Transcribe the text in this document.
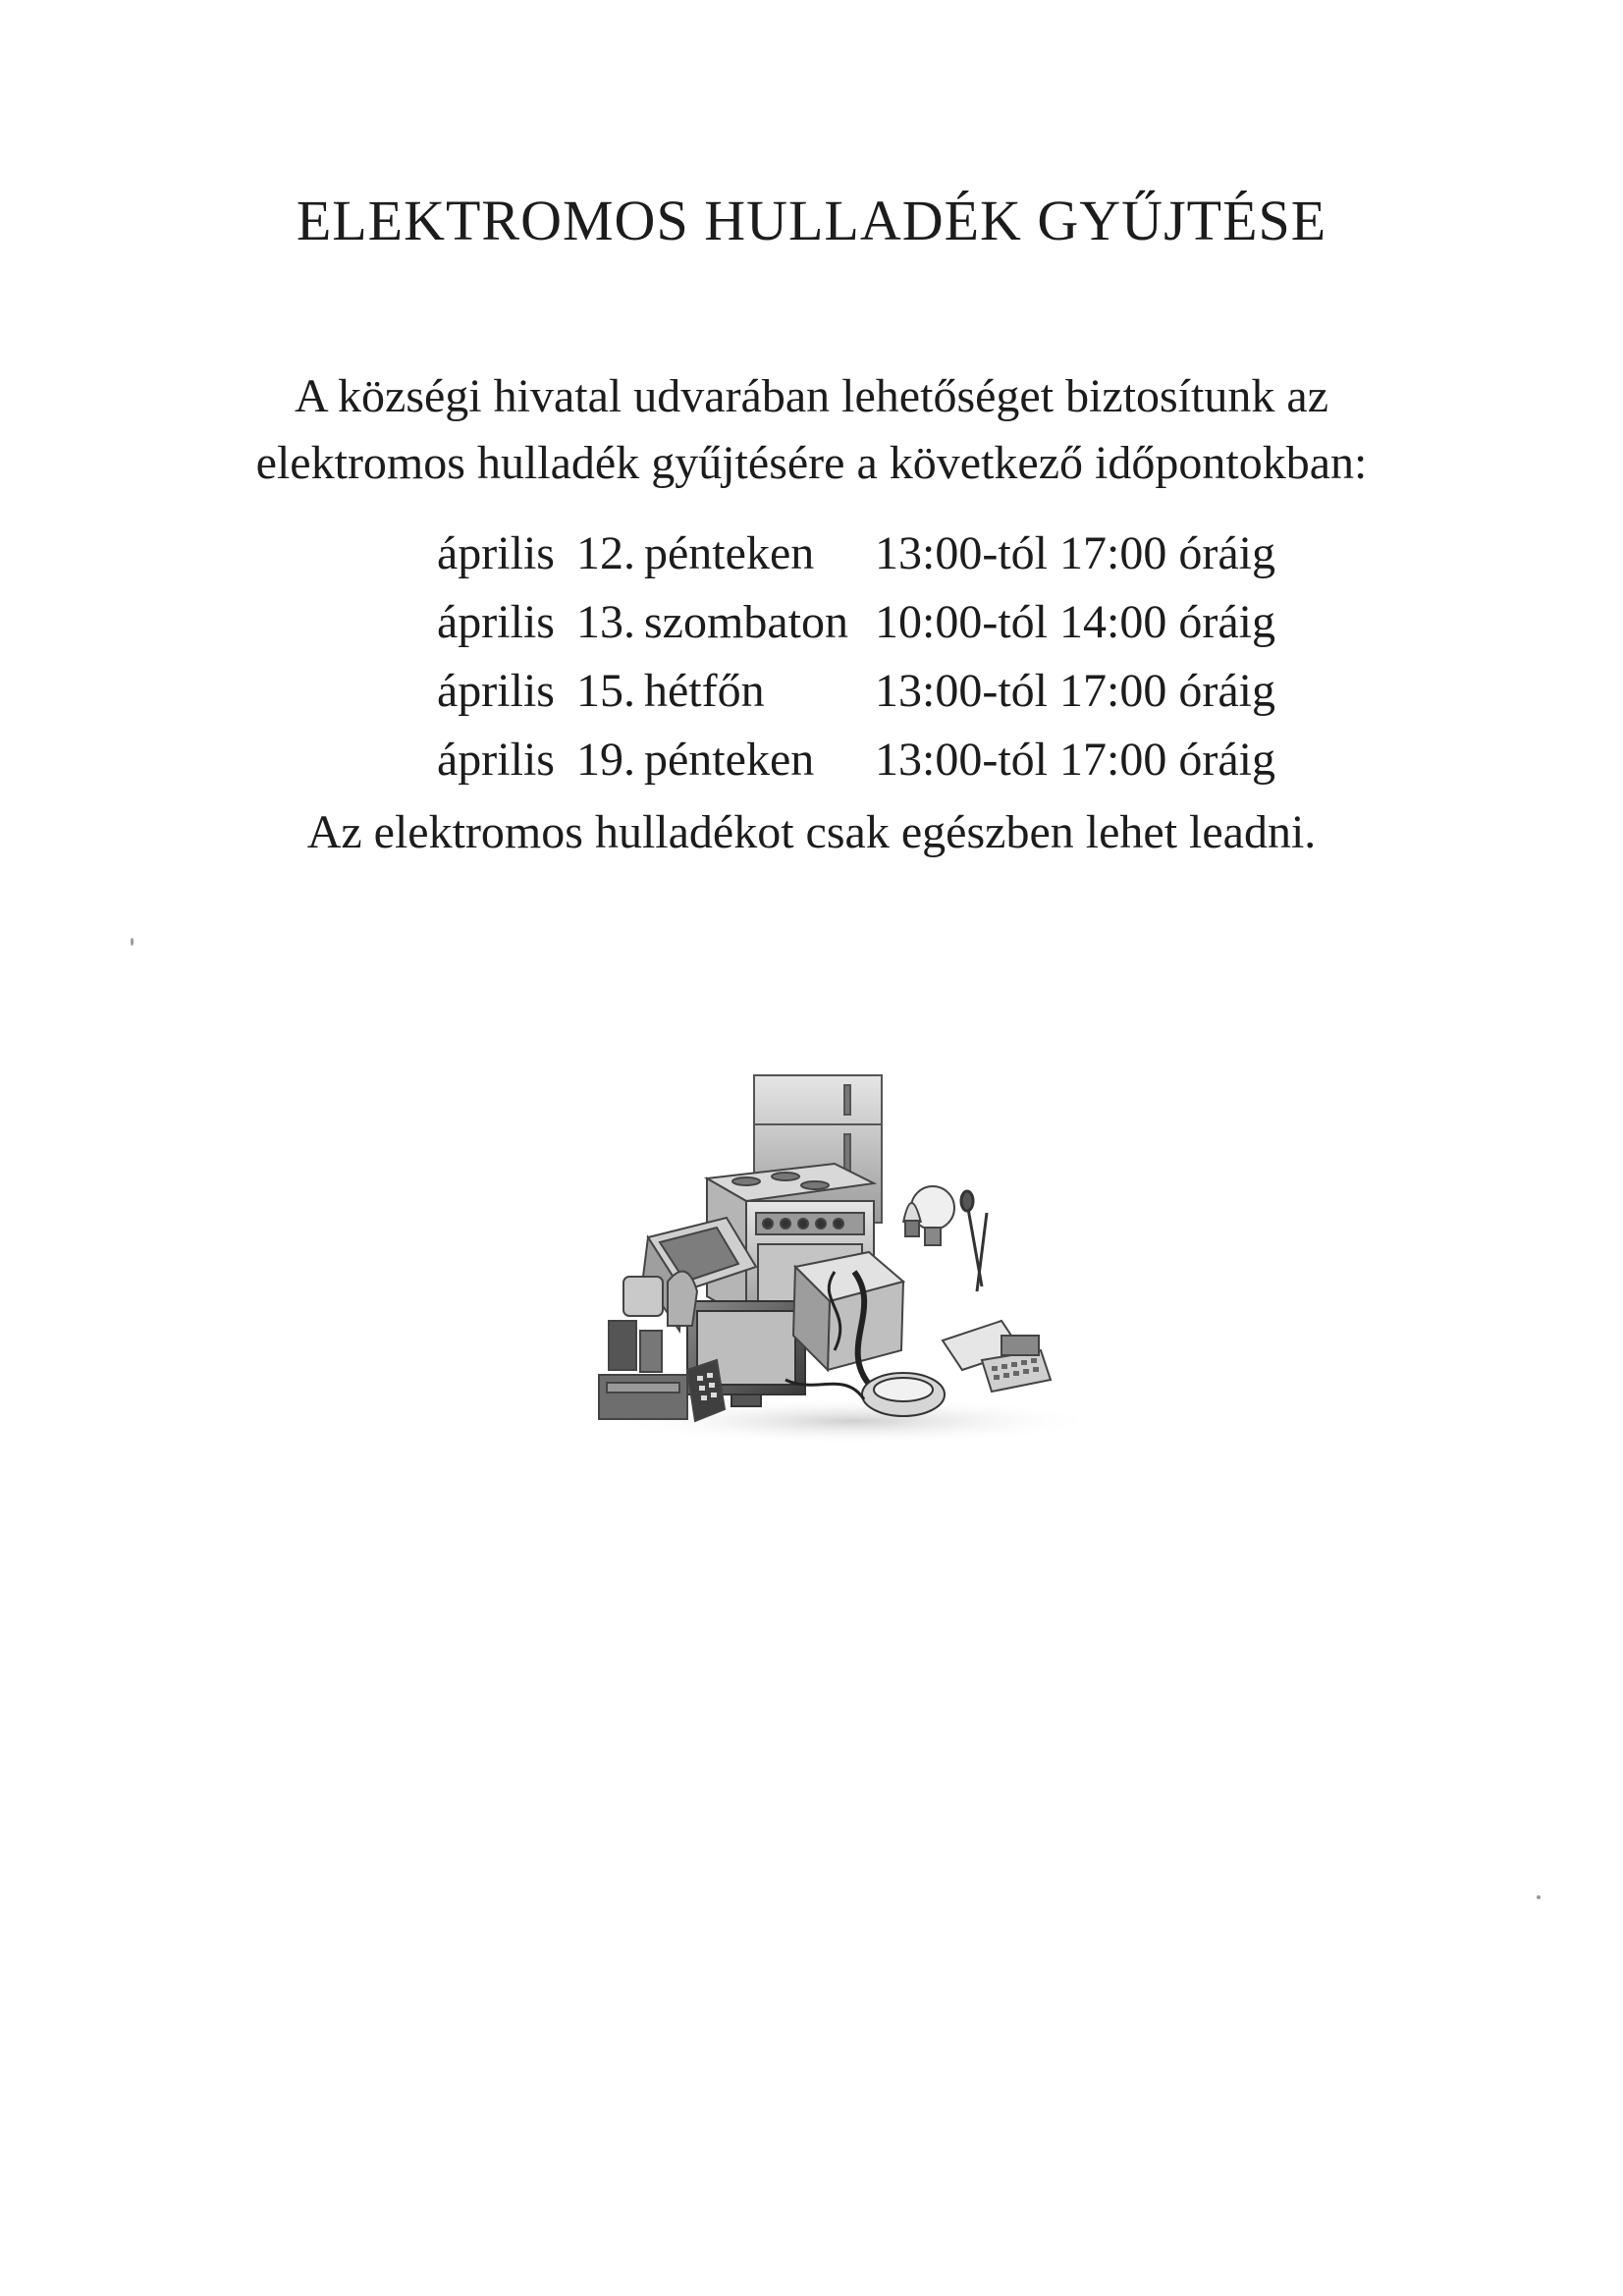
ELEKTROMOS HULLADÉK GYŰJTÉSE
A községi hivatal udvarában lehetőséget biztosítunk az
elektromos hulladék gyűjtésére a következő időpontokban:
április 12. pénteken 13:00-tól 17:00 óráig
április 13. szombaton 10:00-tól 14:00 óráig
április 15. hétfőn 13:00-tól 17:00 óráig
április 19. pénteken 13:00-tól 17:00 óráig
Az elektromos hulladékot csak egészben lehet leadni.
